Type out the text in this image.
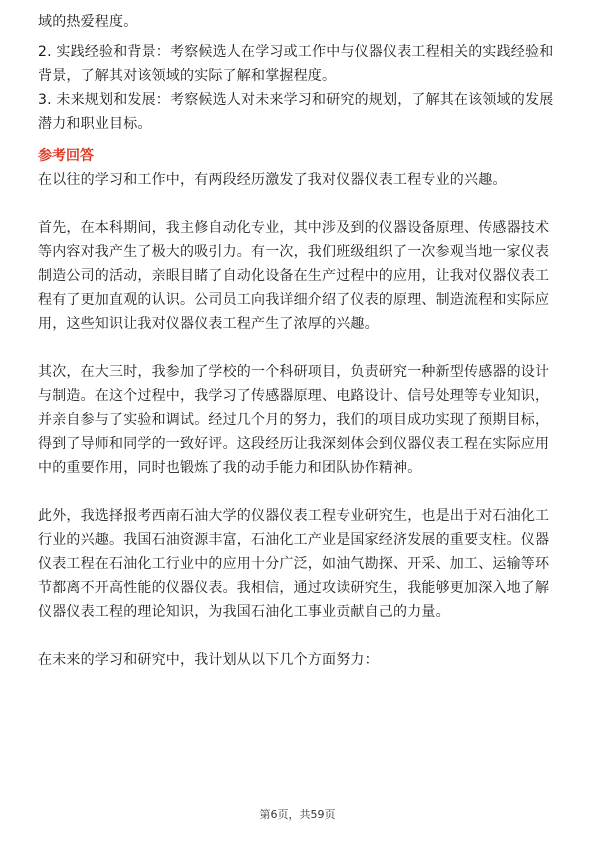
域的热爱程度。
2. 实践经验和背景：考察候选人在学习或工作中与仪器仪表工程相关的实践经验和
背景，了解其对该领域的实际了解和掌握程度。
3. 未来规划和发展：考察候选人对未来学习和研究的规划，了解其在该领域的发展
潜力和职业目标。
参考回答
在以往的学习和工作中，有两段经历激发了我对仪器仪表工程专业的兴趣。
首先，在本科期间，我主修自动化专业，其中涉及到的仪器设备原理、传感器技术
等内容对我产生了极大的吸引力。有一次，我们班级组织了一次参观当地一家仪表
制造公司的活动，亲眼目睹了自动化设备在生产过程中的应用，让我对仪器仪表工
程有了更加直观的认识。公司员工向我详细介绍了仪表的原理、制造流程和实际应
用，这些知识让我对仪器仪表工程产生了浓厚的兴趣。
其次，在大三时，我参加了学校的一个科研项目，负责研究一种新型传感器的设计
与制造。在这个过程中，我学习了传感器原理、电路设计、信号处理等专业知识，
并亲自参与了实验和调试。经过几个月的努力，我们的项目成功实现了预期目标，
得到了导师和同学的一致好评。这段经历让我深刻体会到仪器仪表工程在实际应用
中的重要作用，同时也锻炼了我的动手能力和团队协作精神。
此外，我选择报考西南石油大学的仪器仪表工程专业研究生，也是出于对石油化工
行业的兴趣。我国石油资源丰富，石油化工产业是国家经济发展的重要支柱。仪器
仪表工程在石油化工行业中的应用十分广泛，如油气勘探、开采、加工、运输等环
节都离不开高性能的仪器仪表。我相信，通过攻读研究生，我能够更加深入地了解
仪器仪表工程的理论知识，为我国石油化工事业贡献自己的力量。
在未来的学习和研究中，我计划从以下几个方面努力：
第6页，共59页
